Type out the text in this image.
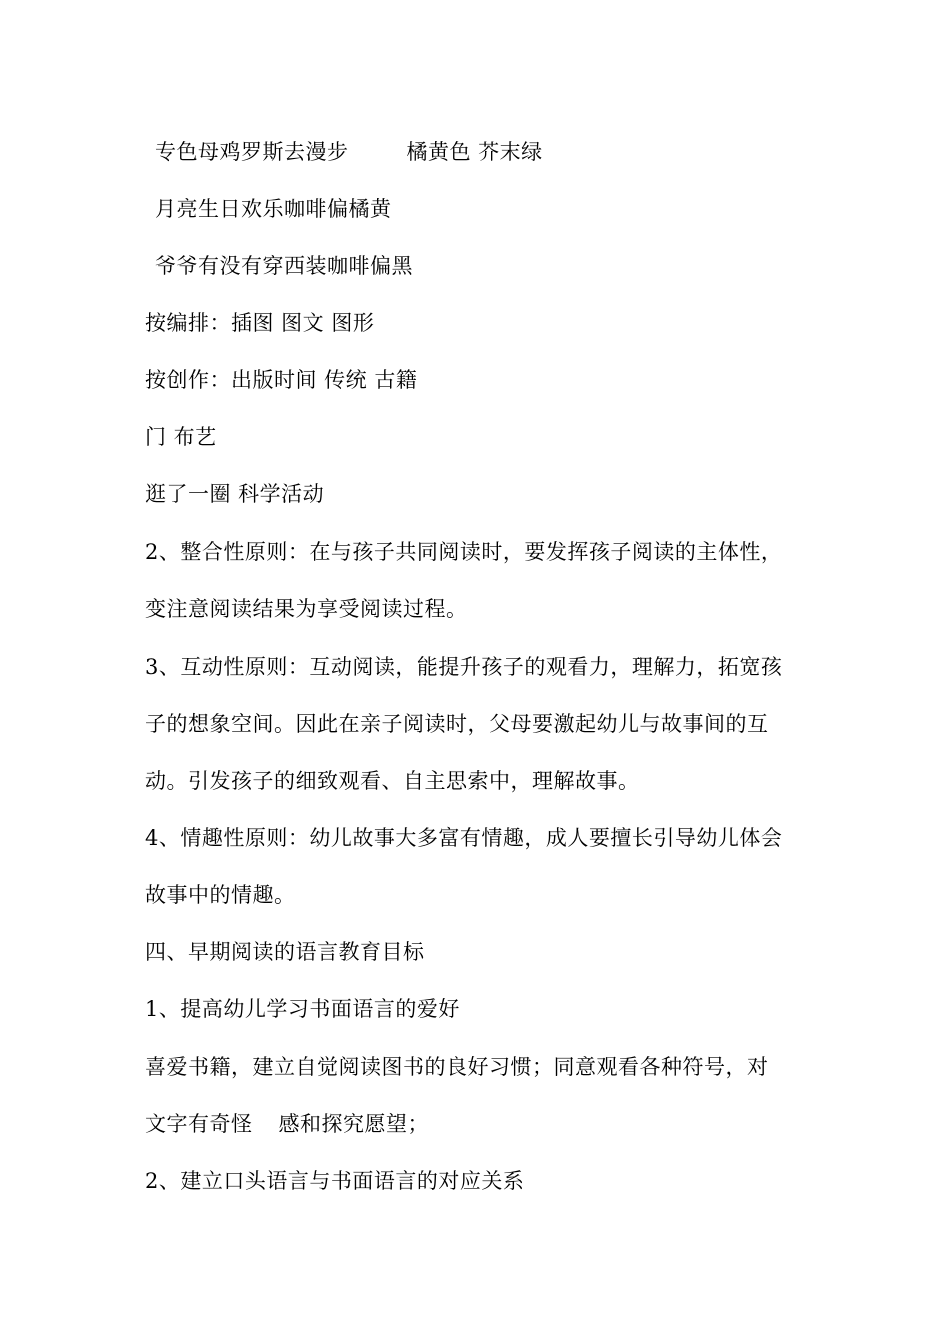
专色母鸡罗斯去漫步	橘黄色 芥末绿
月亮生日欢乐咖啡偏橘黄
爷爷有没有穿西装咖啡偏黑
按编排：插图 图文 图形
按创作：出版时间 传统 古籍
门 布艺
逛了一圈 科学活动
2、整合性原则：在与孩子共同阅读时，要发挥孩子阅读的主体性，
变注意阅读结果为享受阅读过程。
3、互动性原则：互动阅读，能提升孩子的观看力，理解力，拓宽孩
子的想象空间。因此在亲子阅读时，父母要激起幼儿与故事间的互
动。引发孩子的细致观看、自主思索中，理解故事。
4、情趣性原则：幼儿故事大多富有情趣，成人要擅长引导幼儿体会
故事中的情趣。
四、早期阅读的语言教育目标
1、提高幼儿学习书面语言的爱好
喜爱书籍，建立自觉阅读图书的良好习惯；同意观看各种符号，对
文字有奇怪 感和探究愿望；
2、建立口头语言与书面语言的对应关系
